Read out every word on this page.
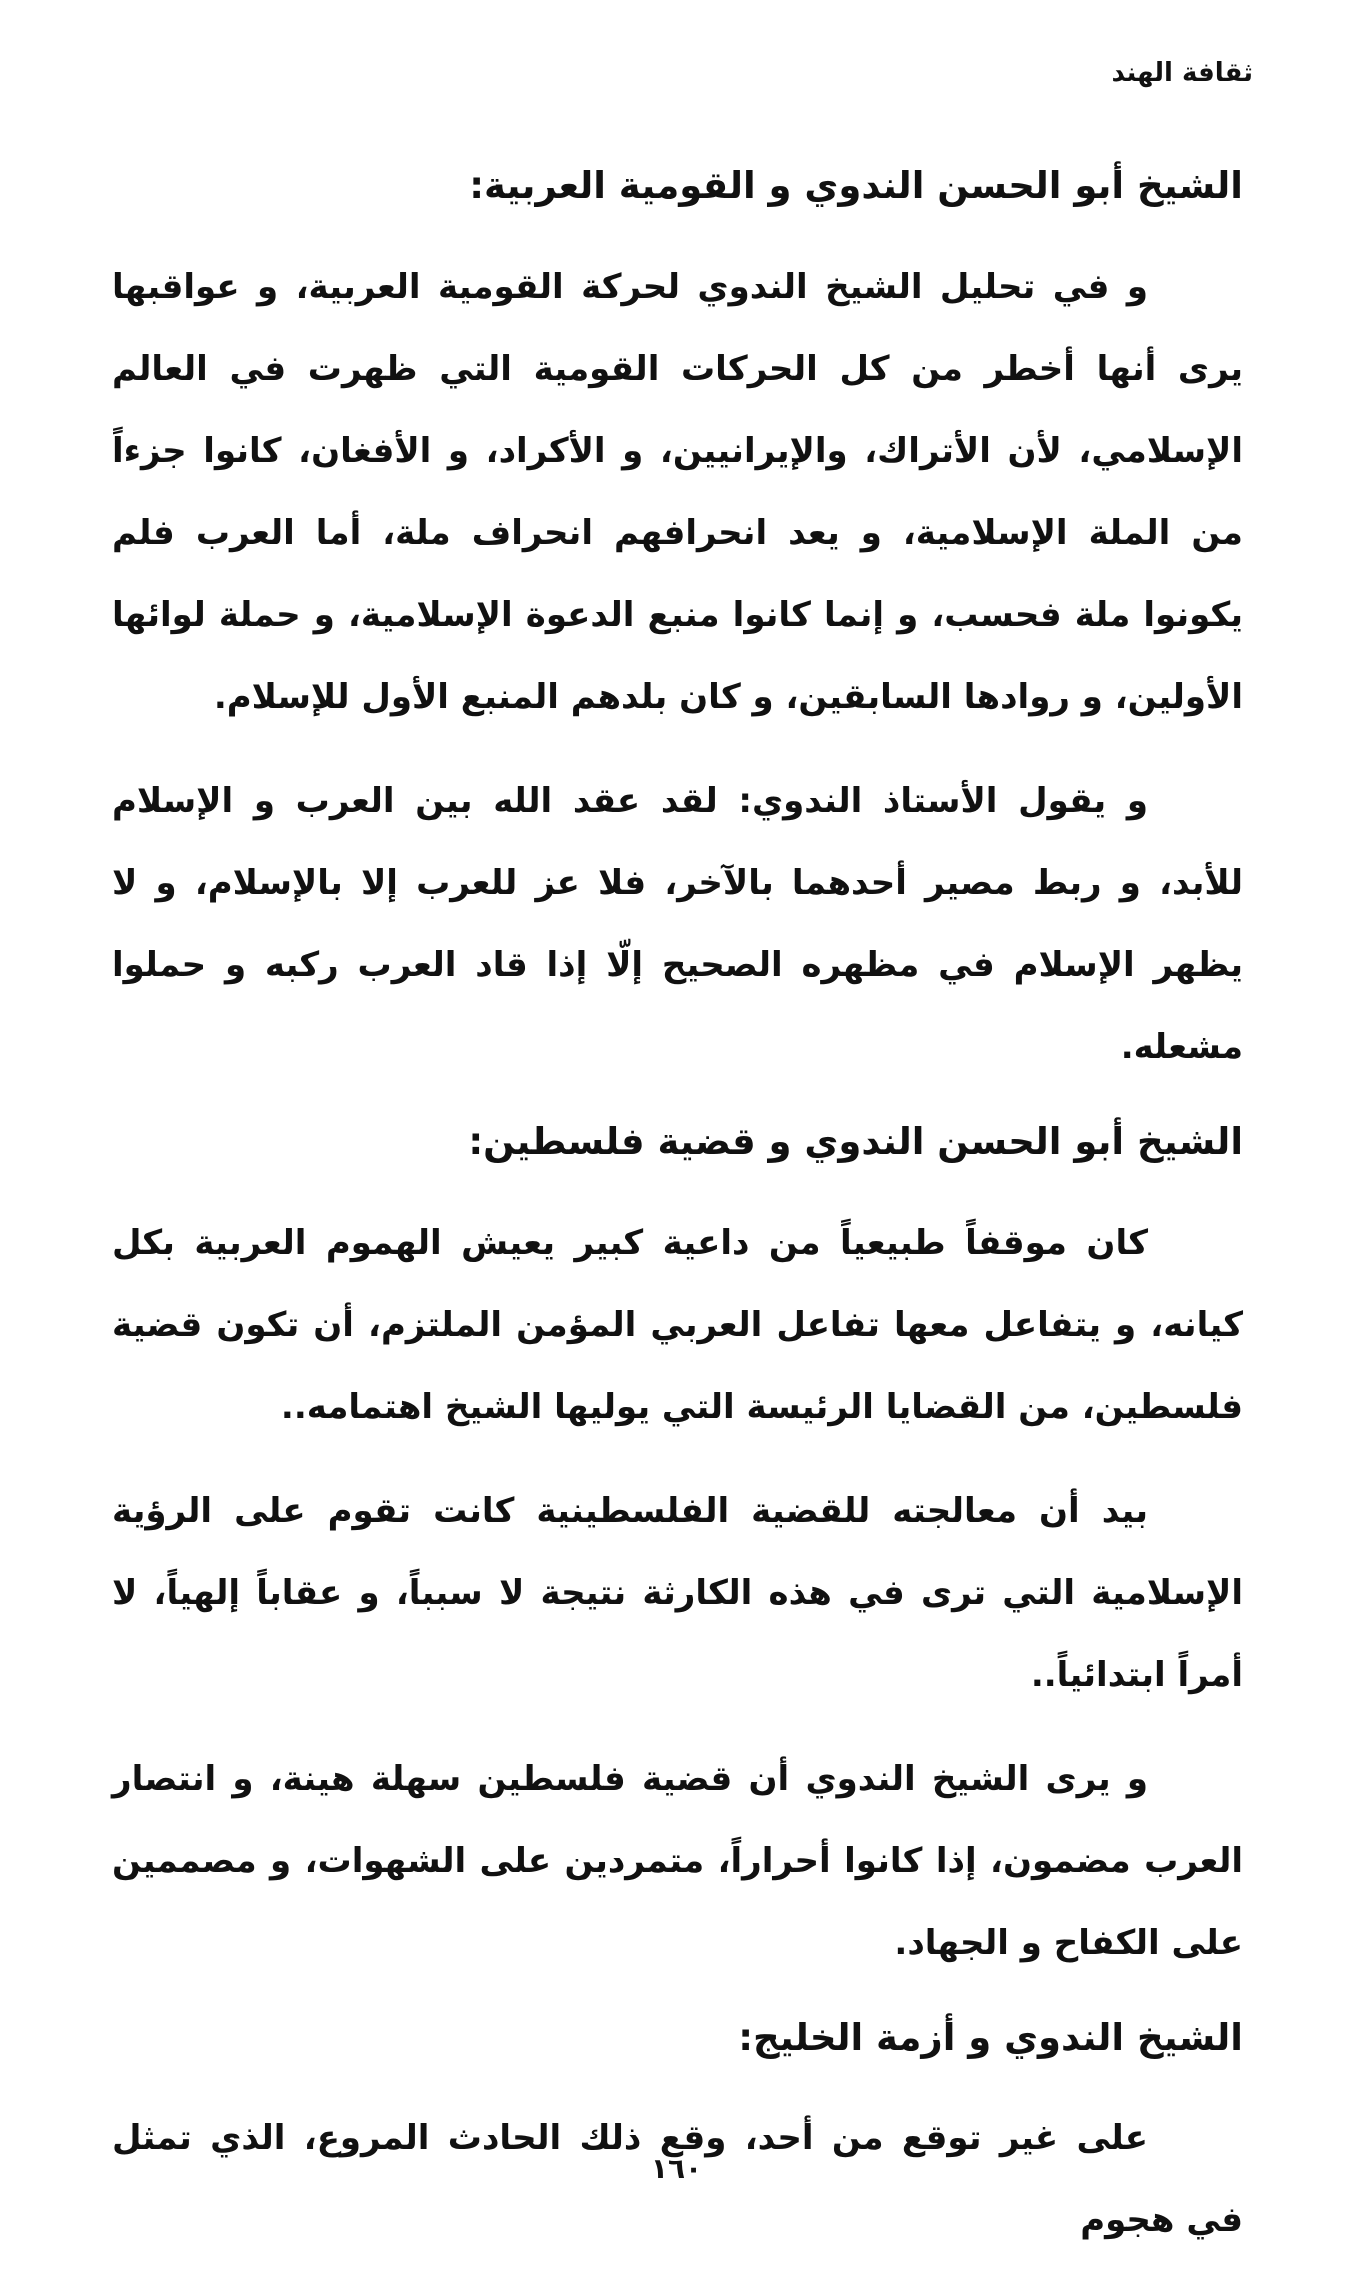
ثقافة الهند
الشيخ أبو الحسن الندوي و القومية العربية:

و في تحليل الشيخ الندوي لحركة القومية العربية، و عواقبها يرى أنها أخطر من كل الحركات القومية التي ظهرت في العالم الإسلامي، لأن الأتراك، والإيرانيين، و الأكراد، و الأفغان، كانوا جزءاً من الملة الإسلامية، و يعد انحرافهم انحراف ملة، أما العرب فلم يكونوا ملة فحسب، و إنما كانوا منبع الدعوة الإسلامية، و حملة لوائها الأولين، و روادها السابقين، و كان بلدهم المنبع الأول للإسلام.

و يقول الأستاذ الندوي: لقد عقد الله بين العرب و الإسلام للأبد، و ربط مصير أحدهما بالآخر، فلا عز للعرب إلا بالإسلام، و لا يظهر الإسلام في مظهره الصحيح إلّا إذا قاد العرب ركبه و حملوا مشعله.

الشيخ أبو الحسن الندوي و قضية فلسطين:

كان موقفاً طبيعياً من داعية كبير يعيش الهموم العربية بكل كيانه، و يتفاعل معها تفاعل العربي المؤمن الملتزم، أن تكون قضية فلسطين، من القضايا الرئيسة التي يوليها الشيخ اهتمامه..

بيد أن معالجته للقضية الفلسطينية كانت تقوم على الرؤية الإسلامية التي ترى في هذه الكارثة نتيجة لا سبباً، و عقاباً إلهياً، لا أمراً ابتدائياً..

و يرى الشيخ الندوي أن قضية فلسطين سهلة هينة، و انتصار العرب مضمون، إذا كانوا أحراراً، متمردين على الشهوات، و مصممين على الكفاح و الجهاد.

الشيخ الندوي و أزمة الخليج:

على غير توقع من أحد، وقع ذلك الحادث المروع، الذي تمثل في هجوم

١٦٠
